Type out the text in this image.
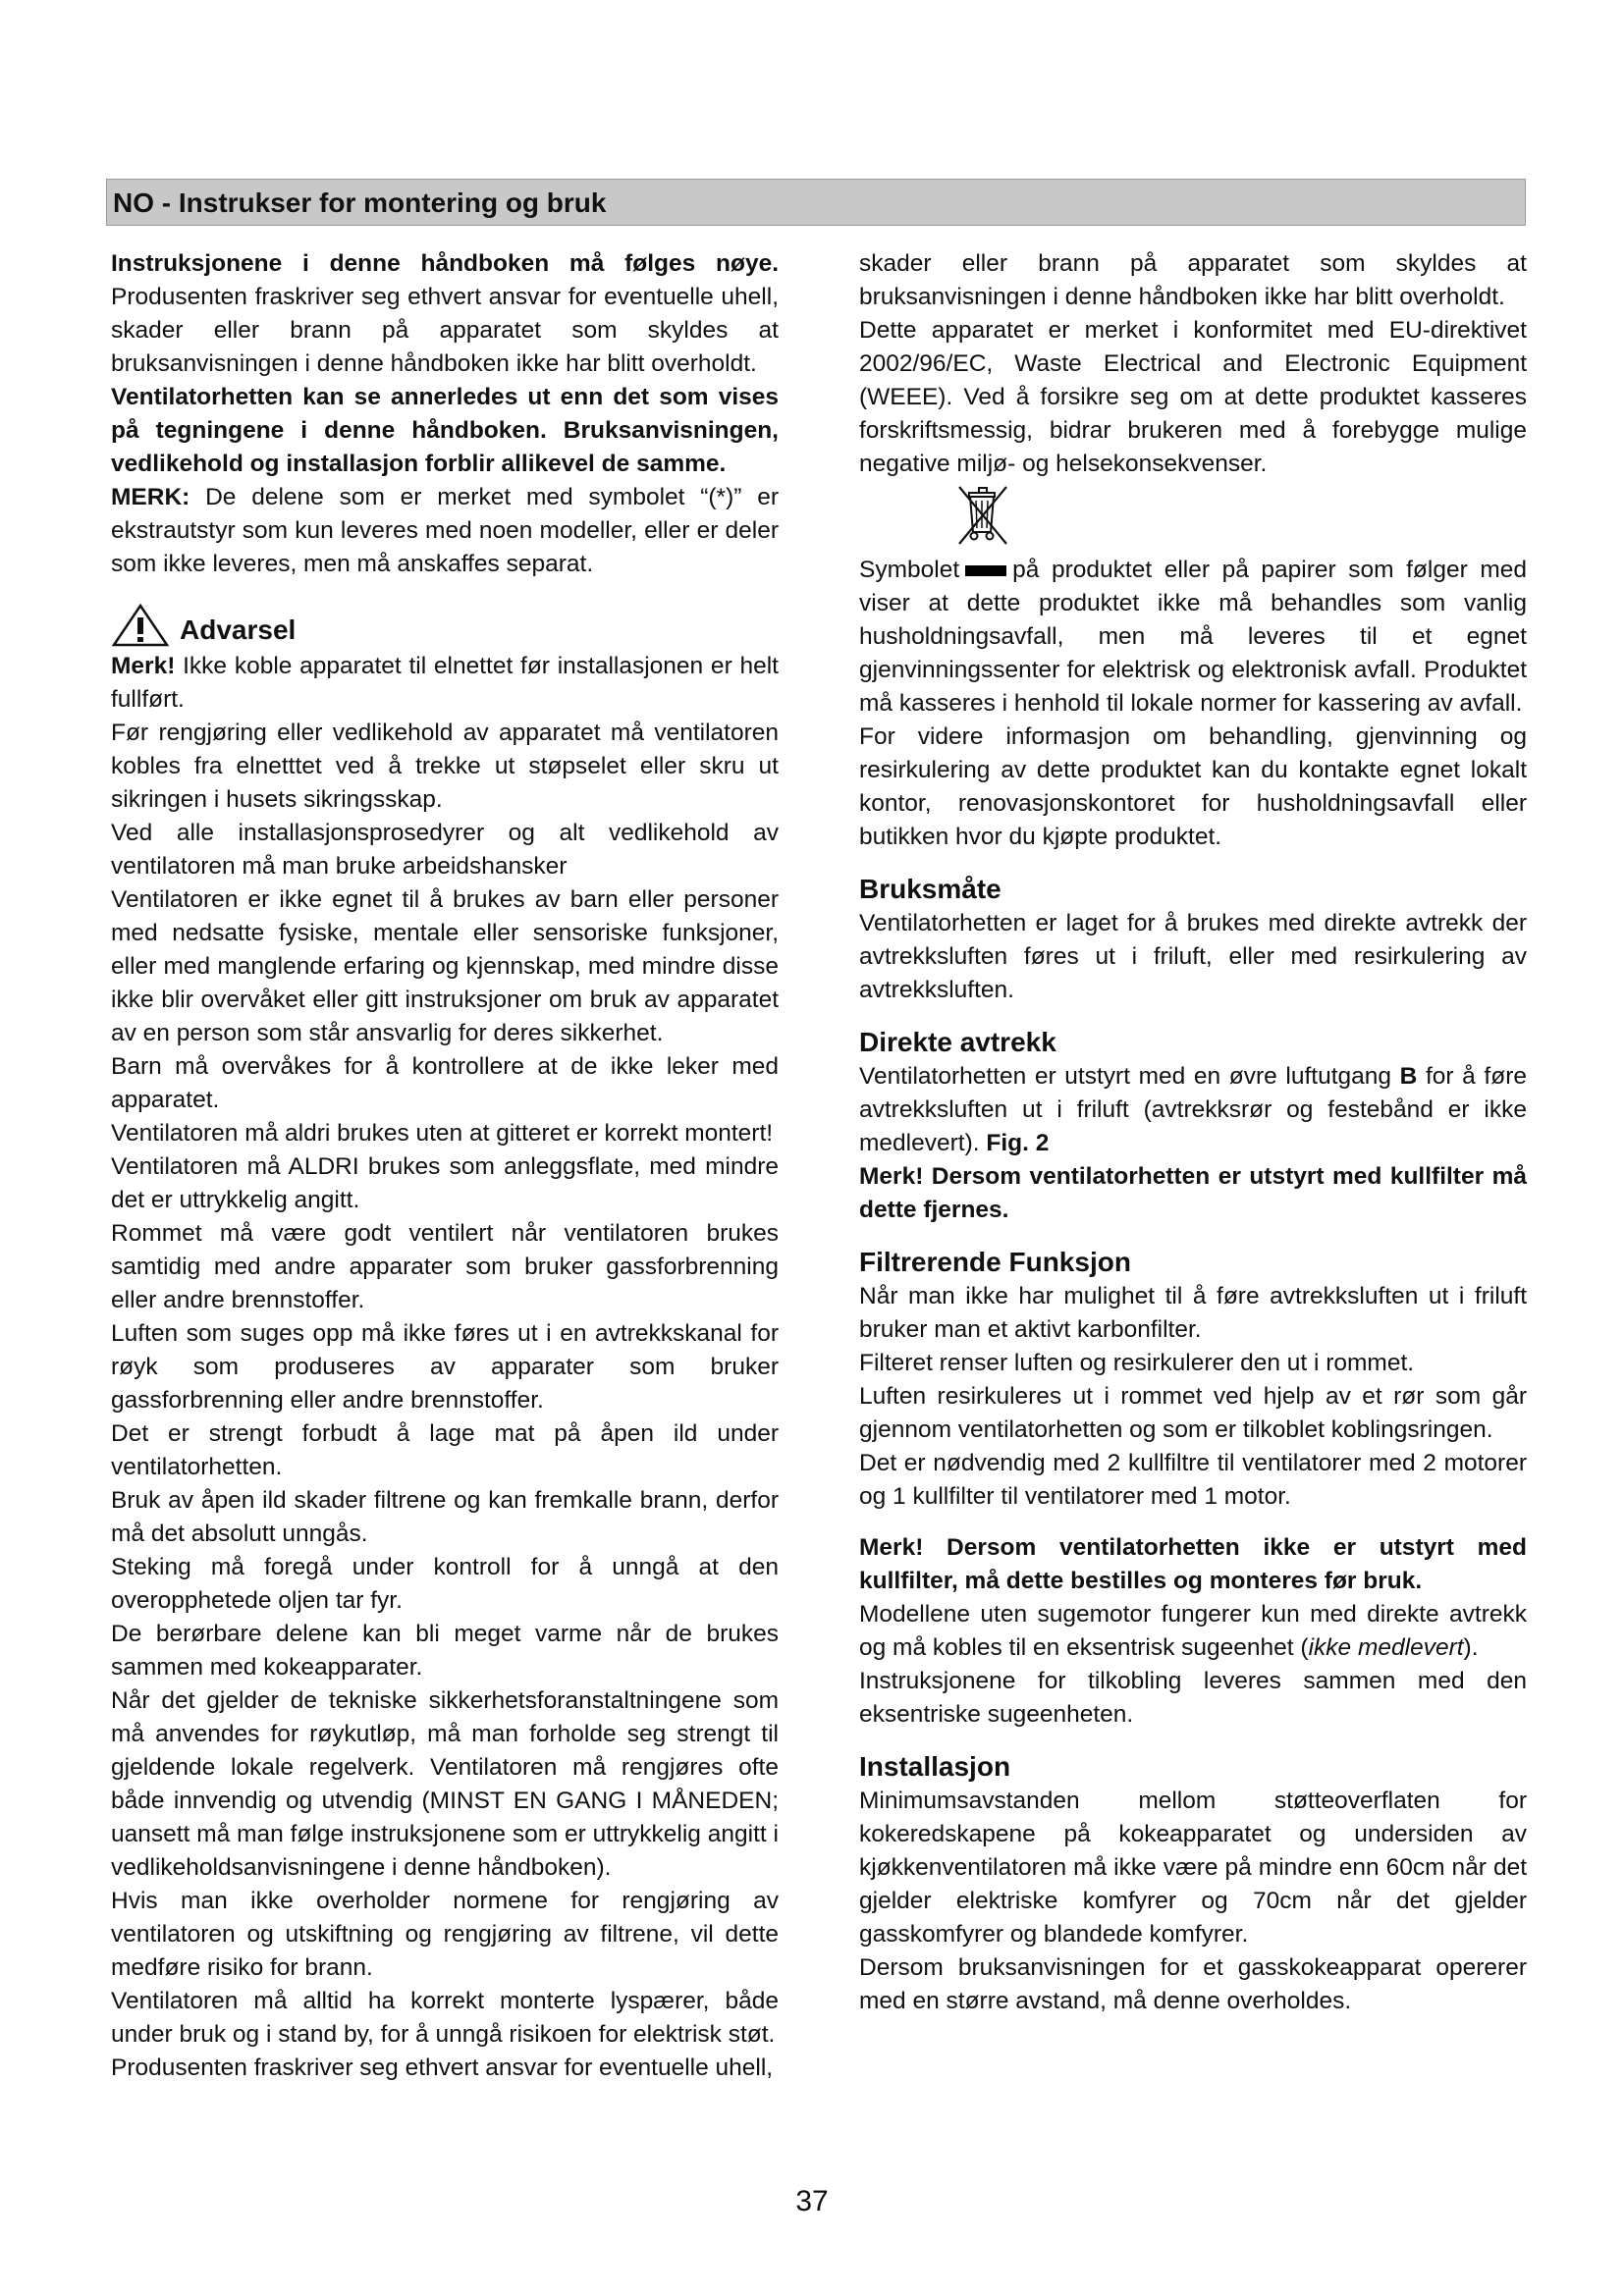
NO - Instrukser for montering og bruk

Instruksjonene i denne håndboken må følges nøye. Produsenten fraskriver seg ethvert ansvar for eventuelle uhell, skader eller brann på apparatet som skyldes at bruksanvisningen i denne håndboken ikke har blitt overholdt.

Ventilatorhetten kan se annerledes ut enn det som vises på tegningene i denne håndboken. Bruksanvisningen, vedlikehold og installasjon forblir allikevel de samme.

MERK: De delene som er merket med symbolet “(*)” er ekstrautstyr som kun leveres med noen modeller, eller er deler som ikke leveres, men må anskaffes separat.

Advarsel

Merk! Ikke koble apparatet til elnettet før installasjonen er helt fullført.

Før rengjøring eller vedlikehold av apparatet må ventilatoren kobles fra elnetttet ved å trekke ut støpselet eller skru ut sikringen i husets sikringsskap.

Ved alle installasjonsprosedyrer og alt vedlikehold av ventilatoren må man bruke arbeidshansker

Ventilatoren er ikke egnet til å brukes av barn eller personer med nedsatte fysiske, mentale eller sensoriske funksjoner, eller med manglende erfaring og kjennskap, med mindre disse ikke blir overvåket eller gitt instruksjoner om bruk av apparatet av en person som står ansvarlig for deres sikkerhet.

Barn må overvåkes for å kontrollere at de ikke leker med apparatet.

Ventilatoren må aldri brukes uten at gitteret er korrekt montert!

Ventilatoren må ALDRI brukes som anleggsflate, med mindre det er uttrykkelig angitt.

Rommet må være godt ventilert når ventilatoren brukes samtidig med andre apparater som bruker gassforbrenning eller andre brennstoffer.

Luften som suges opp må ikke føres ut i en avtrekkskanal for røyk som produseres av apparater som bruker gassforbrenning eller andre brennstoffer.

Det er strengt forbudt å lage mat på åpen ild under ventilatorhetten.

Bruk av åpen ild skader filtrene og kan fremkalle brann, derfor må det absolutt unngås.

Steking må foregå under kontroll for å unngå at den overopphetede oljen tar fyr.

De berørbare delene kan bli meget varme når de brukes sammen med kokeapparater.

Når det gjelder de tekniske sikkerhetsforanstaltningene som må anvendes for røykutløp, må man forholde seg strengt til gjeldende lokale regelverk. Ventilatoren må rengjøres ofte både innvendig og utvendig (MINST EN GANG I MÅNEDEN; uansett må man følge instruksjonene som er uttrykkelig angitt i vedlikeholdsanvisningene i denne håndboken).

Hvis man ikke overholder normene for rengjøring av ventilatoren og utskiftning og rengjøring av filtrene, vil dette medføre risiko for brann.

Ventilatoren må alltid ha korrekt monterte lyspærer, både under bruk og i stand by, for å unngå risikoen for elektrisk støt.

Produsenten fraskriver seg ethvert ansvar for eventuelle uhell,

skader eller brann på apparatet som skyldes at bruksanvisningen i denne håndboken ikke har blitt overholdt.

Dette apparatet er merket i konformitet med EU-direktivet 2002/96/EC, Waste Electrical and Electronic Equipment (WEEE). Ved å forsikre seg om at dette produktet kasseres forskriftsmessig, bidrar brukeren med å forebygge mulige negative miljø- og helsekonsekvenser.

Symbolet på produktet eller på papirer som følger med viser at dette produktet ikke må behandles som vanlig husholdningsavfall, men må leveres til et egnet gjenvinningssenter for elektrisk og elektronisk avfall. Produktet må kasseres i henhold til lokale normer for kassering av avfall.

For videre informasjon om behandling, gjenvinning og resirkulering av dette produktet kan du kontakte egnet lokalt kontor, renovasjonskontoret for husholdningsavfall eller butikken hvor du kjøpte produktet.

Bruksmåte

Ventilatorhetten er laget for å brukes med direkte avtrekk der avtrekksluften føres ut i friluft, eller med resirkulering av avtrekksluften.

Direkte avtrekk

Ventilatorhetten er utstyrt med en øvre luftutgang B for å føre avtrekksluften ut i friluft (avtrekksrør og festebånd er ikke medlevert). Fig. 2

Merk! Dersom ventilatorhetten er utstyrt med kullfilter må dette fjernes.

Filtrerende Funksjon

Når man ikke har mulighet til å føre avtrekksluften ut i friluft bruker man et aktivt karbonfilter.

Filteret renser luften og resirkulerer den ut i rommet.

Luften resirkuleres ut i rommet ved hjelp av et rør som går gjennom ventilatorhetten og som er tilkoblet koblingsringen.

Det er nødvendig med 2 kullfiltre til ventilatorer med 2 motorer og 1 kullfilter til ventilatorer med 1 motor.

Merk! Dersom ventilatorhetten ikke er utstyrt med kullfilter, må dette bestilles og monteres før bruk.

Modellene uten sugemotor fungerer kun med direkte avtrekk og må kobles til en eksentrisk sugeenhet (ikke medlevert).

Instruksjonene for tilkobling leveres sammen med den eksentriske sugeenheten.

Installasjon

Minimumsavstanden mellom støtteoverflaten for kokeredskapene på kokeapparatet og undersiden av kjøkkenventilatoren må ikke være på mindre enn 60cm når det gjelder elektriske komfyrer og 70cm når det gjelder gasskomfyrer og blandede komfyrer.

Dersom bruksanvisningen for et gasskokeapparat opererer med en større avstand, må denne overholdes.

37
